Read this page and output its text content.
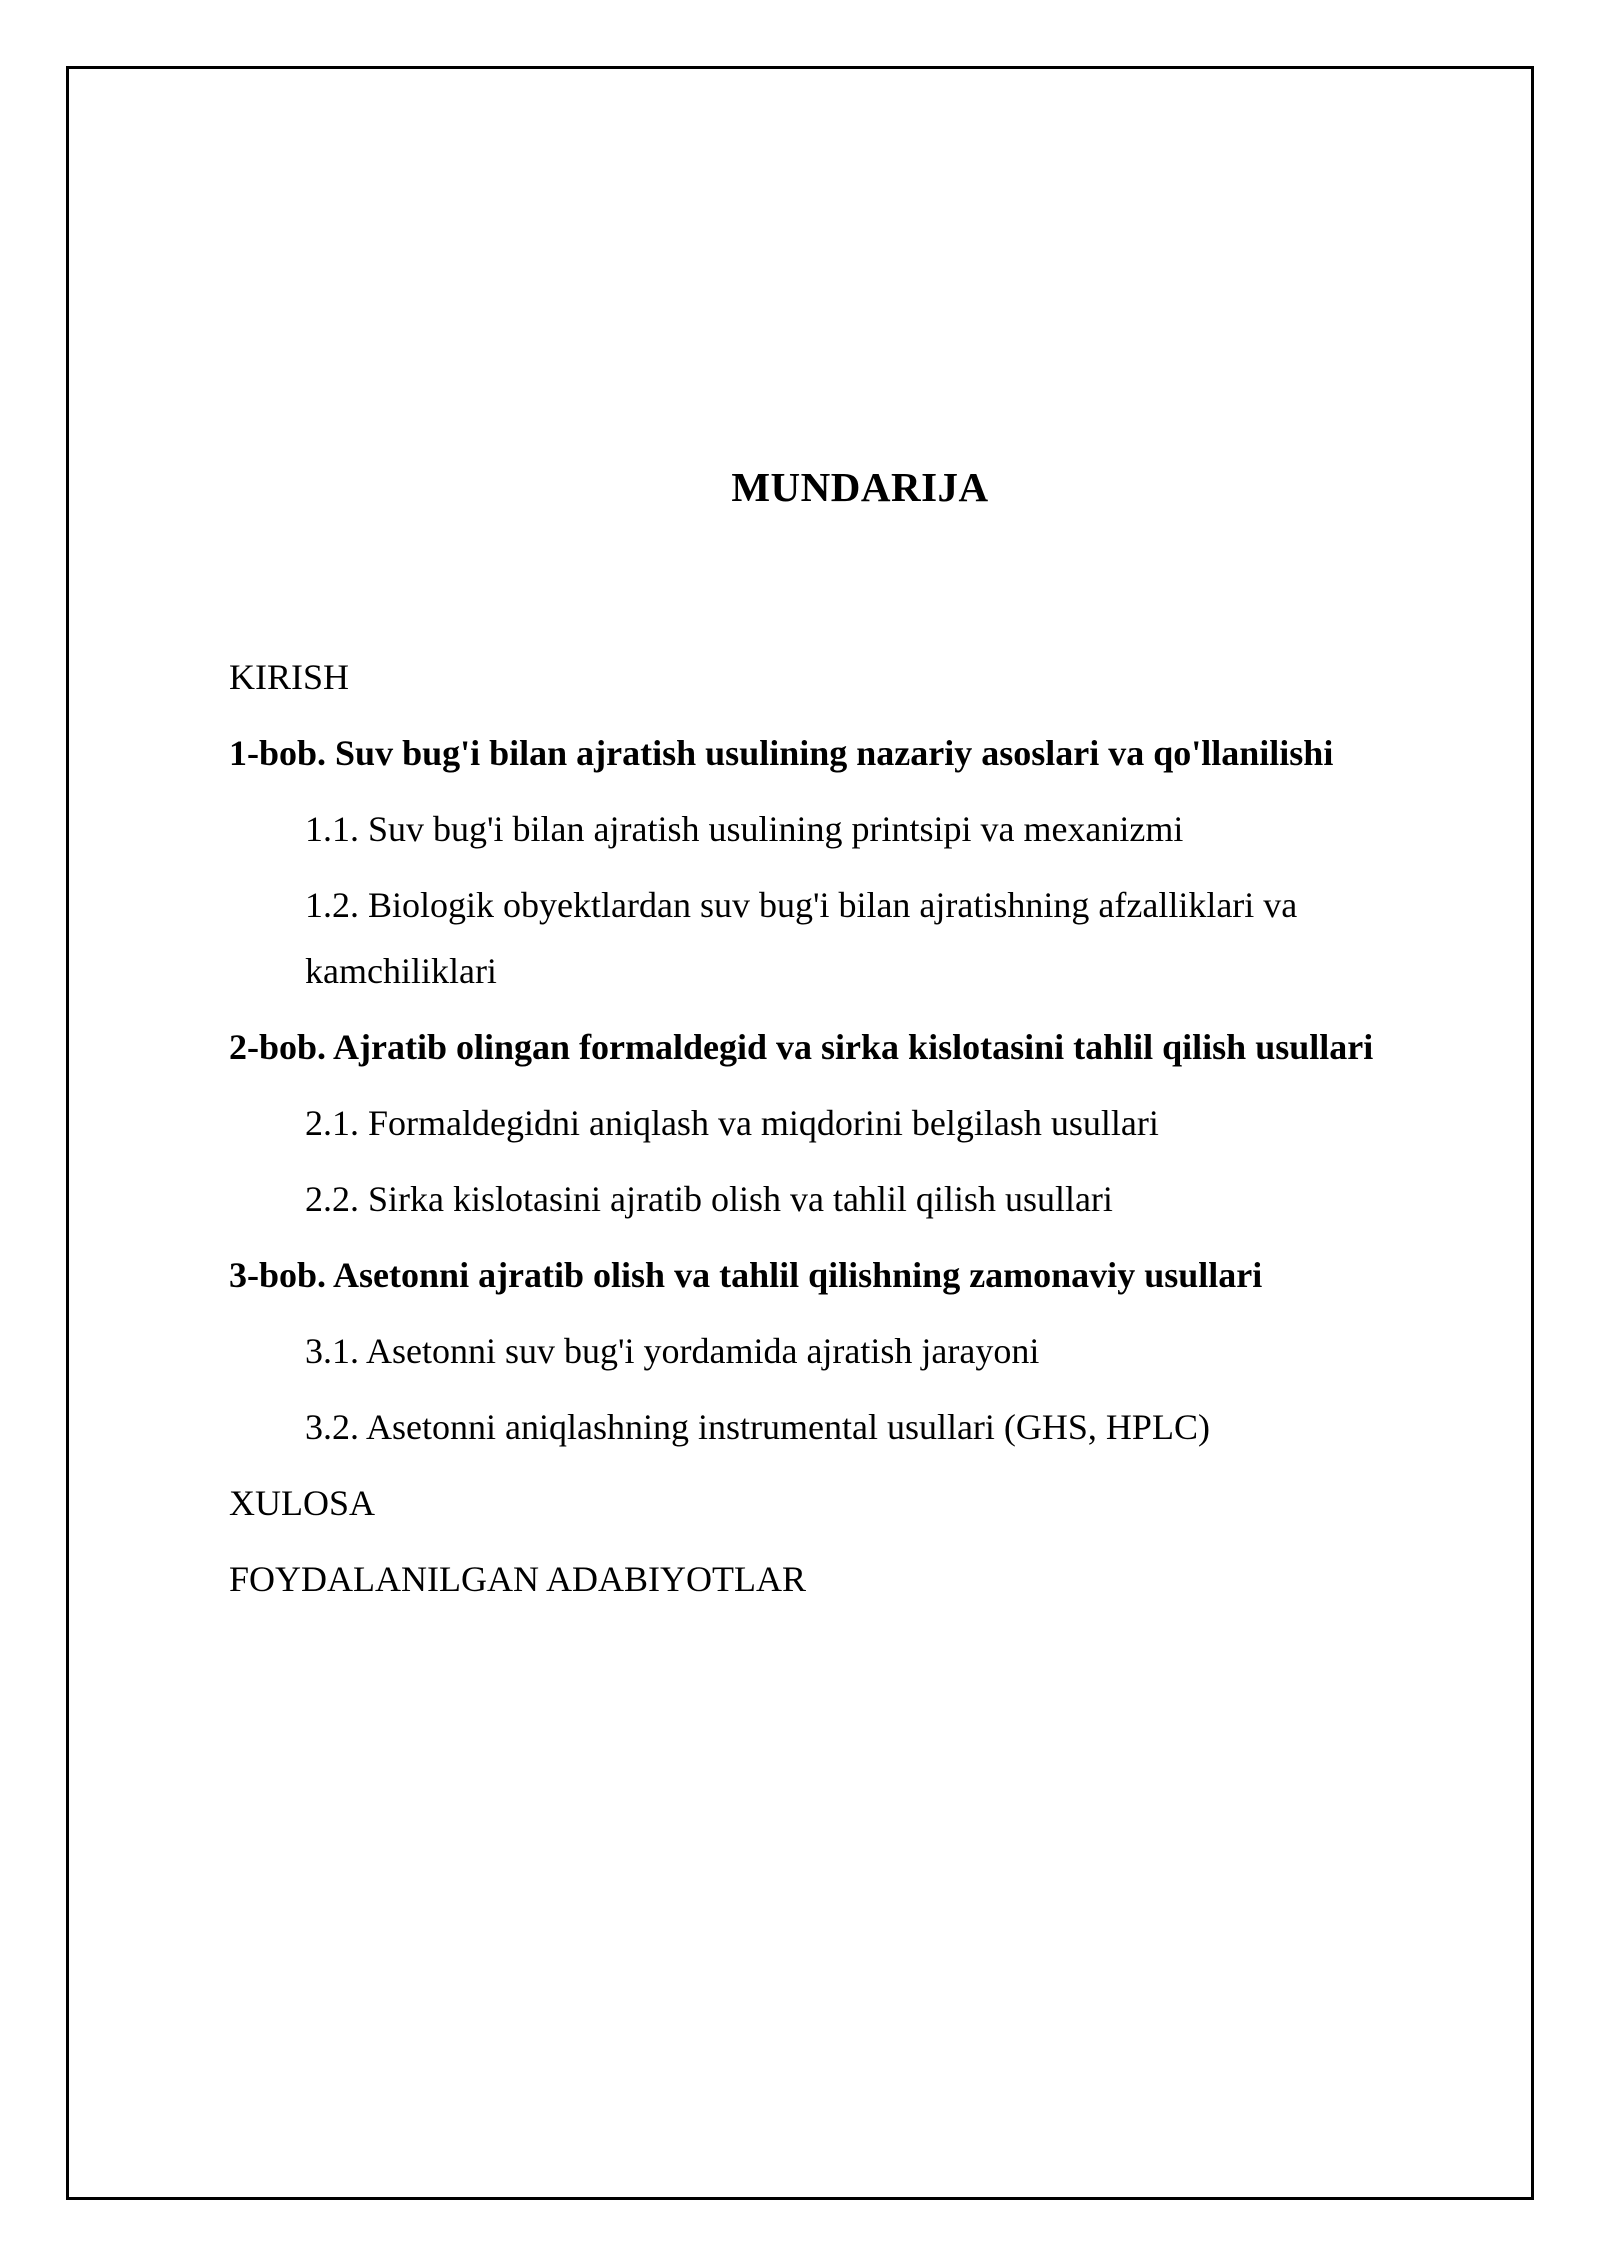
MUNDARIJA
KIRISH
1-bob. Suv bug'i bilan ajratish usulining nazariy asoslari va qo'llanilishi
1.1. Suv bug'i bilan ajratish usulining printsipi va mexanizmi
1.2. Biologik obyektlardan suv bug'i bilan ajratishning afzalliklari va kamchiliklari
2-bob. Ajratib olingan formaldegid va sirka kislotasini tahlil qilish usullari
2.1. Formaldegidni aniqlash va miqdorini belgilash usullari
2.2. Sirka kislotasini ajratib olish va tahlil qilish usullari
3-bob. Asetonni ajratib olish va tahlil qilishning zamonaviy usullari
3.1. Asetonni suv bug'i yordamida ajratish jarayoni
3.2. Asetonni aniqlashning instrumental usullari (GHS, HPLC)
XULOSA
FOYDALANILGAN ADABIYOTLAR
